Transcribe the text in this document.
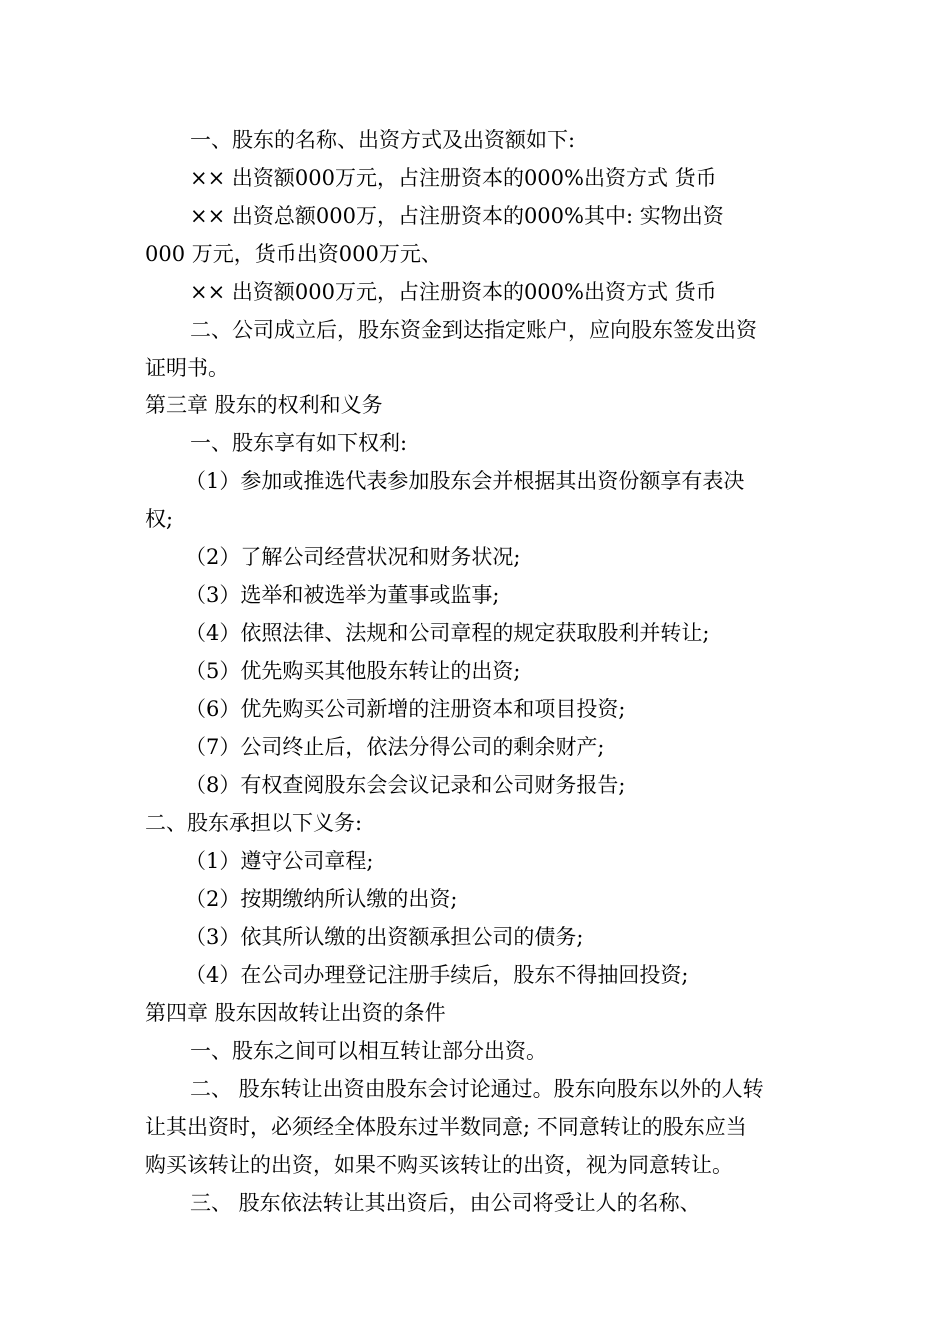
一、股东的名称、出资方式及出资额如下:
×× 出资额000万元，占注册资本的000%出资方式 货币
×× 出资总额000万，占注册资本的000%其中: 实物出资
000 万元，货币出资000万元、
×× 出资额000万元，占注册资本的000%出资方式 货币
二、公司成立后，股东资金到达指定账户，应向股东签发出资
证明书。
第三章 股东的权利和义务
一、股东享有如下权利:
（1）参加或推选代表参加股东会并根据其出资份额享有表决
权;
（2）了解公司经营状况和财务状况;
（3）选举和被选举为董事或监事;
（4）依照法律、法规和公司章程的规定获取股利并转让;
（5）优先购买其他股东转让的出资;
（6）优先购买公司新增的注册资本和项目投资;
（7）公司终止后，依法分得公司的剩余财产;
（8）有权查阅股东会会议记录和公司财务报告;
二、股东承担以下义务:
（1）遵守公司章程;
（2）按期缴纳所认缴的出资;
（3）依其所认缴的出资额承担公司的债务;
（4）在公司办理登记注册手续后，股东不得抽回投资;
第四章 股东因故转让出资的条件
一、股东之间可以相互转让部分出资。
二、 股东转让出资由股东会讨论通过。股东向股东以外的人转
让其出资时，必须经全体股东过半数同意; 不同意转让的股东应当
购买该转让的出资，如果不购买该转让的出资，视为同意转让。
三、 股东依法转让其出资后，由公司将受让人的名称、
